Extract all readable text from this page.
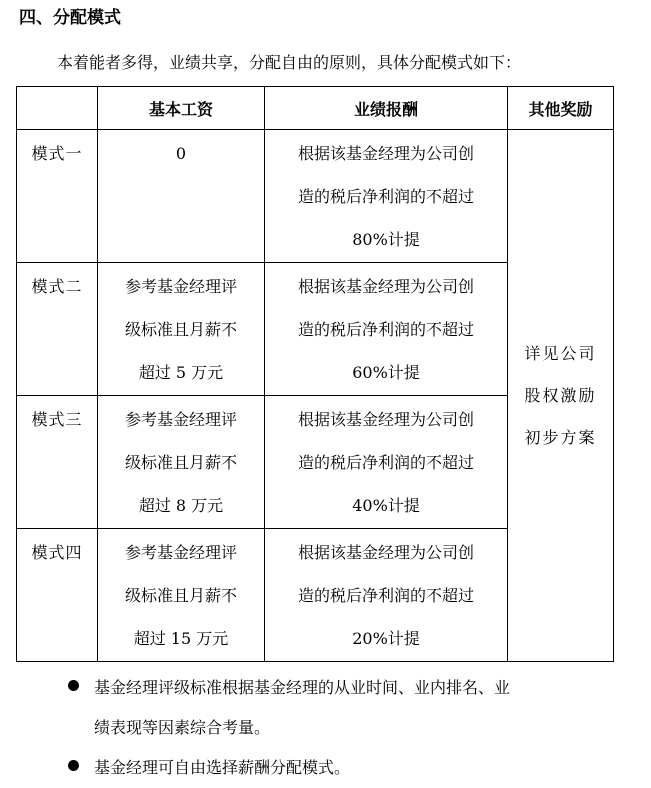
四、分配模式
本着能者多得，业绩共享，分配自由的原则，具体分配模式如下：
	基本工资	业绩报酬	其他奖励

模式一	0	根据该基金经理为公司创
造的税后净利润的不超过
80%计提	详见公司
股权激励
初步方案

模式二	参考基金经理评
级标准且月薪不
超过 5 万元	根据该基金经理为公司创
造的税后净利润的不超过
60%计提	

模式三	参考基金经理评
级标准且月薪不
超过 8 万元	根据该基金经理为公司创
造的税后净利润的不超过
40%计提	

模式四	参考基金经理评
级标准且月薪不
超过 15 万元	根据该基金经理为公司创
造的税后净利润的不超过
20%计提	
基金经理评级标准根据基金经理的从业时间、业内排名、业
绩表现等因素综合考量。
基金经理可自由选择薪酬分配模式。
